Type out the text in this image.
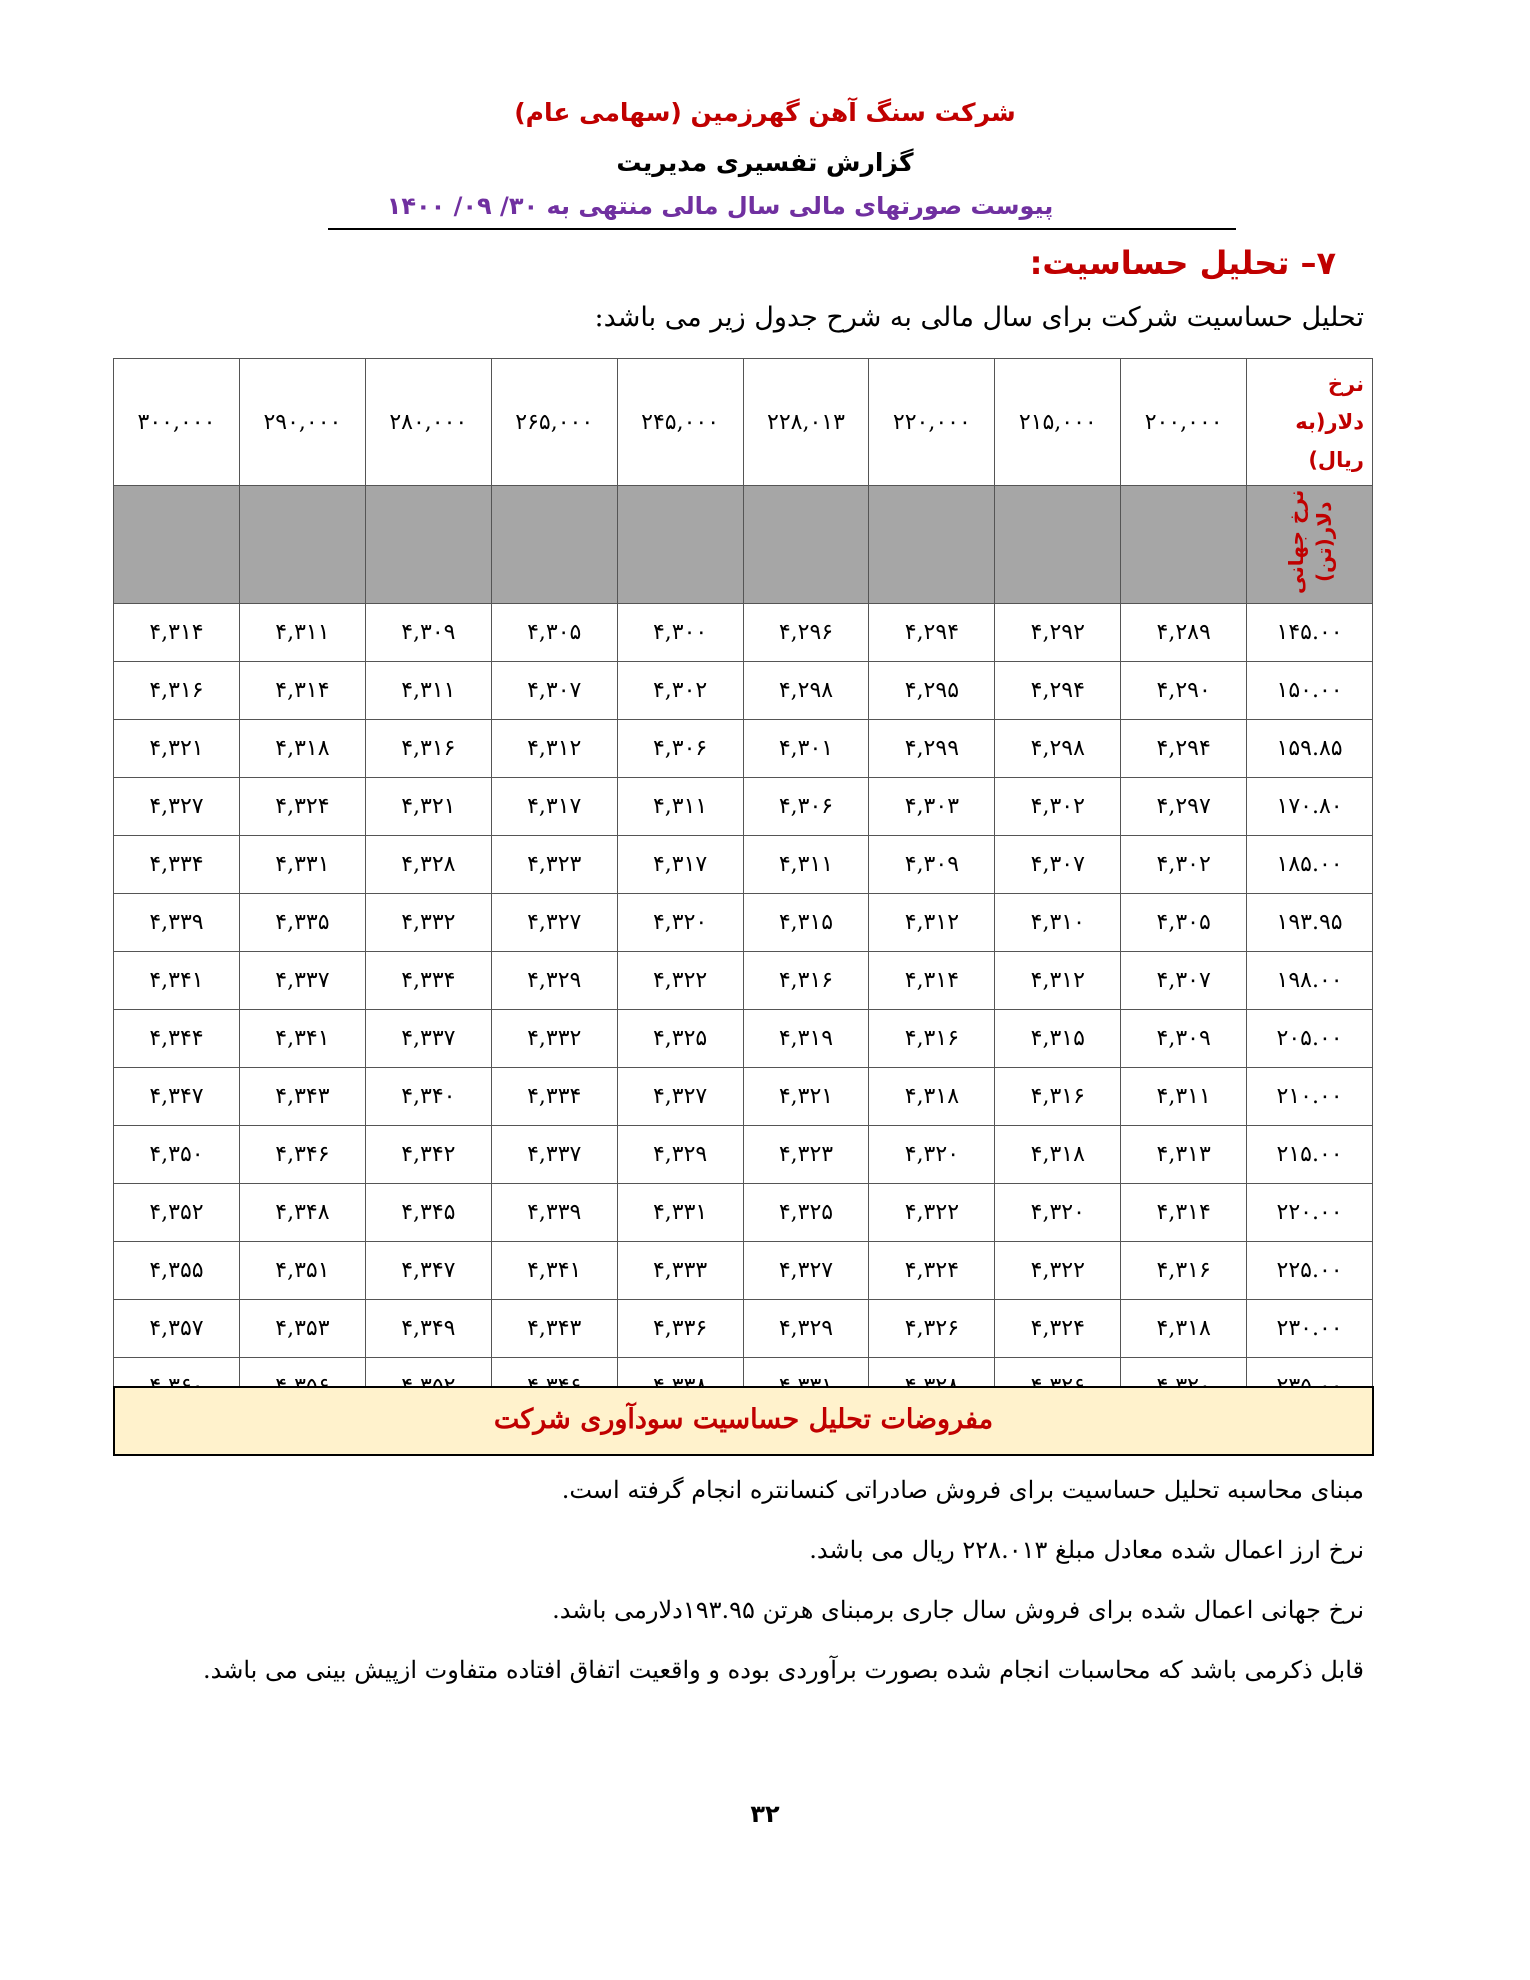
شرکت سنگ آهن گهرزمین (سهامی عام)
گزارش تفسیری مدیریت
پیوست صورتهای مالی سال مالی منتهی به ۳۰/ ۰۹/ ۱۴۰۰
۷– تحلیل حساسیت:
تحلیل حساسیت شرکت برای سال مالی به شرح جدول زیر می باشد:
نرخ دلار(به ریال)	۲۰۰,۰۰۰	۲۱۵,۰۰۰	۲۲۰,۰۰۰	۲۲۸,۰۱۳	۲۴۵,۰۰۰	۲۶۵,۰۰۰	۲۸۰,۰۰۰	۲۹۰,۰۰۰	۳۰۰,۰۰۰
نرخ جهانی دلار(تن)									
۱۴۵.۰۰	۴,۲۸۹	۴,۲۹۲	۴,۲۹۴	۴,۲۹۶	۴,۳۰۰	۴,۳۰۵	۴,۳۰۹	۴,۳۱۱	۴,۳۱۴
۱۵۰.۰۰	۴,۲۹۰	۴,۲۹۴	۴,۲۹۵	۴,۲۹۸	۴,۳۰۲	۴,۳۰۷	۴,۳۱۱	۴,۳۱۴	۴,۳۱۶
۱۵۹.۸۵	۴,۲۹۴	۴,۲۹۸	۴,۲۹۹	۴,۳۰۱	۴,۳۰۶	۴,۳۱۲	۴,۳۱۶	۴,۳۱۸	۴,۳۲۱
۱۷۰.۸۰	۴,۲۹۷	۴,۳۰۲	۴,۳۰۳	۴,۳۰۶	۴,۳۱۱	۴,۳۱۷	۴,۳۲۱	۴,۳۲۴	۴,۳۲۷
۱۸۵.۰۰	۴,۳۰۲	۴,۳۰۷	۴,۳۰۹	۴,۳۱۱	۴,۳۱۷	۴,۳۲۳	۴,۳۲۸	۴,۳۳۱	۴,۳۳۴
۱۹۳.۹۵	۴,۳۰۵	۴,۳۱۰	۴,۳۱۲	۴,۳۱۵	۴,۳۲۰	۴,۳۲۷	۴,۳۳۲	۴,۳۳۵	۴,۳۳۹
۱۹۸.۰۰	۴,۳۰۷	۴,۳۱۲	۴,۳۱۴	۴,۳۱۶	۴,۳۲۲	۴,۳۲۹	۴,۳۳۴	۴,۳۳۷	۴,۳۴۱
۲۰۵.۰۰	۴,۳۰۹	۴,۳۱۵	۴,۳۱۶	۴,۳۱۹	۴,۳۲۵	۴,۳۳۲	۴,۳۳۷	۴,۳۴۱	۴,۳۴۴
۲۱۰.۰۰	۴,۳۱۱	۴,۳۱۶	۴,۳۱۸	۴,۳۲۱	۴,۳۲۷	۴,۳۳۴	۴,۳۴۰	۴,۳۴۳	۴,۳۴۷
۲۱۵.۰۰	۴,۳۱۳	۴,۳۱۸	۴,۳۲۰	۴,۳۲۳	۴,۳۲۹	۴,۳۳۷	۴,۳۴۲	۴,۳۴۶	۴,۳۵۰
۲۲۰.۰۰	۴,۳۱۴	۴,۳۲۰	۴,۳۲۲	۴,۳۲۵	۴,۳۳۱	۴,۳۳۹	۴,۳۴۵	۴,۳۴۸	۴,۳۵۲
۲۲۵.۰۰	۴,۳۱۶	۴,۳۲۲	۴,۳۲۴	۴,۳۲۷	۴,۳۳۳	۴,۳۴۱	۴,۳۴۷	۴,۳۵۱	۴,۳۵۵
۲۳۰.۰۰	۴,۳۱۸	۴,۳۲۴	۴,۳۲۶	۴,۳۲۹	۴,۳۳۶	۴,۳۴۳	۴,۳۴۹	۴,۳۵۳	۴,۳۵۷

مفروضات تحلیل حساسیت سودآوری شرکت
مبنای محاسبه تحلیل حساسیت برای فروش صادراتی کنسانتره انجام گرفته است.
نرخ ارز اعمال شده معادل مبلغ ۲۲۸.۰۱۳ ریال می باشد.
نرخ جهانی اعمال شده برای فروش سال جاری برمبنای هرتن ۱۹۳.۹۵دلارمی باشد.
قابل ذکرمی باشد که محاسبات انجام شده بصورت برآوردی بوده و واقعیت اتفاق افتاده متفاوت ازپیش بینی می باشد.
۳۲
